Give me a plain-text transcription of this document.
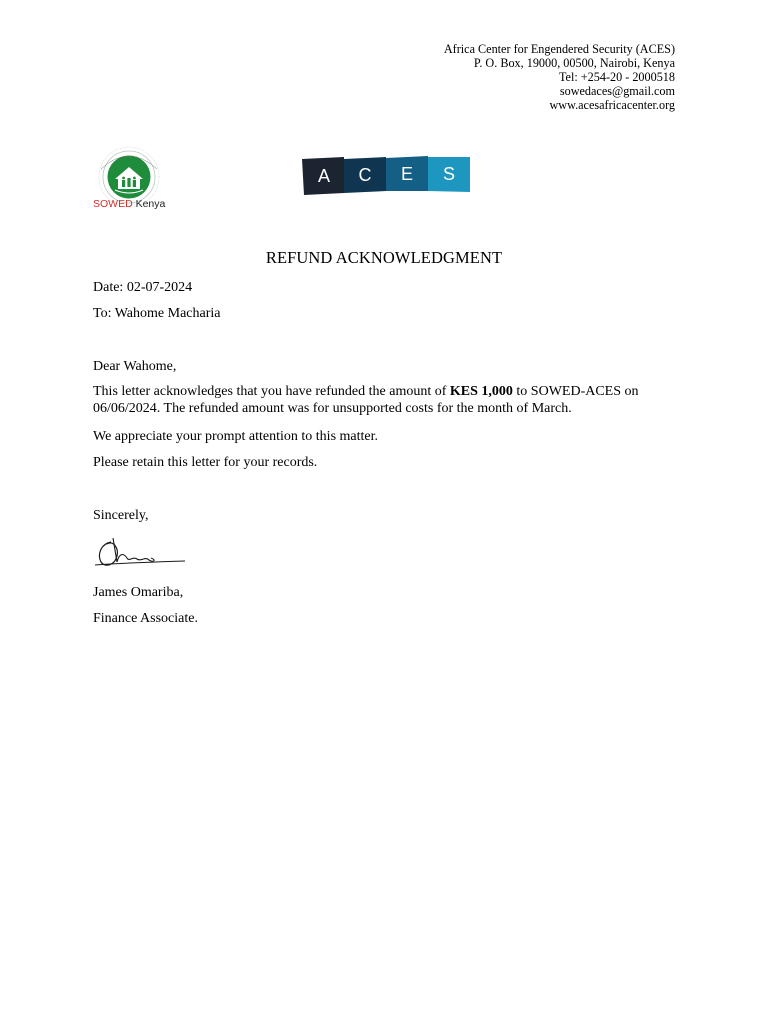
Africa Center for Engendered Security (ACES)
P. O. Box, 19000, 00500, Nairobi, Kenya
Tel: +254-20 - 2000518
sowedaces@gmail.com
www.acesafricacenter.org
SOWED Kenya
A C E S
REFUND ACKNOWLEDGMENT
Date: 02-07-2024
To: Wahome Macharia
Dear Wahome,
This letter acknowledges that you have refunded the amount of KES 1,000 to SOWED-ACES on 06/06/2024. The refunded amount was for unsupported costs for the month of March.
We appreciate your prompt attention to this matter.
Please retain this letter for your records.
Sincerely,
James Omariba,
Finance Associate.
